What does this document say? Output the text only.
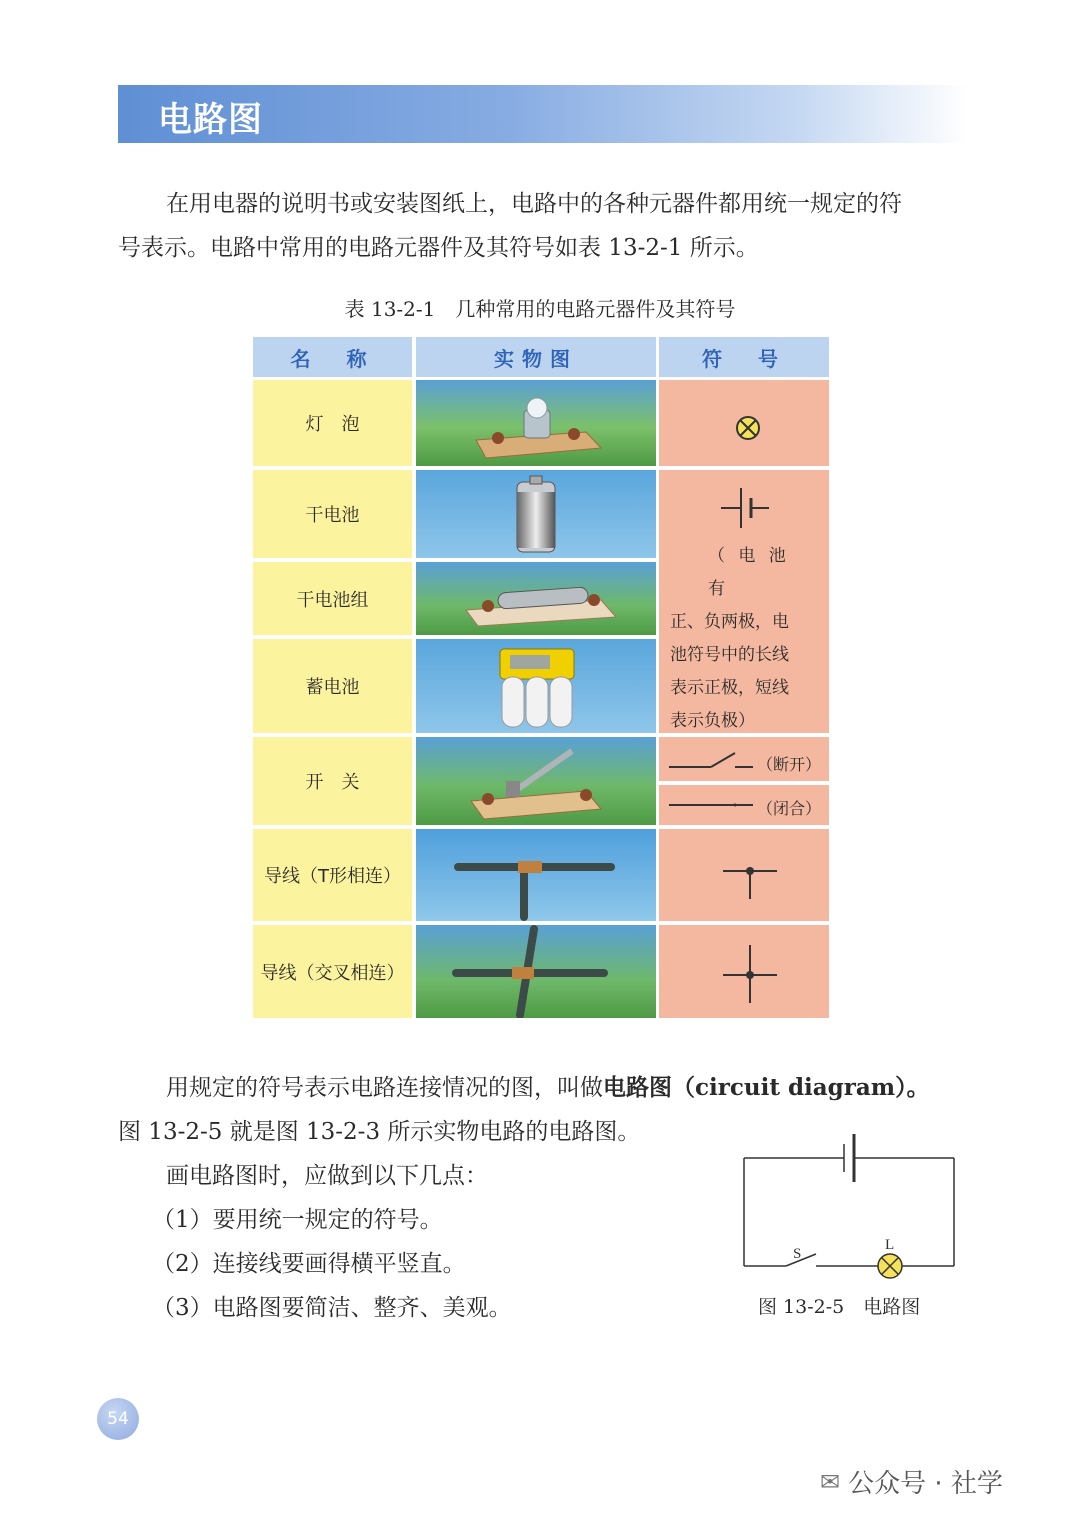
电路图
在用电器的说明书或安装图纸上，电路中的各种元器件都用统一规定的符
号表示。电路中常用的电路元器件及其符号如表 13-2-1 所示。
表 13-2-1　几种常用的电路元器件及其符号
名　称	实物图	符　号
灯　泡
干电池
干电池组
蓄电池
开　关
导线（T形相连）
导线（交叉相连）
（ 电 池 有
正、负两极，电
池符号中的长线
表示正极，短线
表示负极）
（断开）
（闭合）
用规定的符号表示电路连接情况的图，叫做电路图（circuit diagram）。
图 13-2-5 就是图 13-2-3 所示实物电路的电路图。
画电路图时，应做到以下几点：
（1）要用统一规定的符号。
（2）连接线要画得横平竖直。
（3）电路图要简洁、整齐、美观。
S
L
图 13-2-5　电路图
54
✉ 公众号 · 社学
